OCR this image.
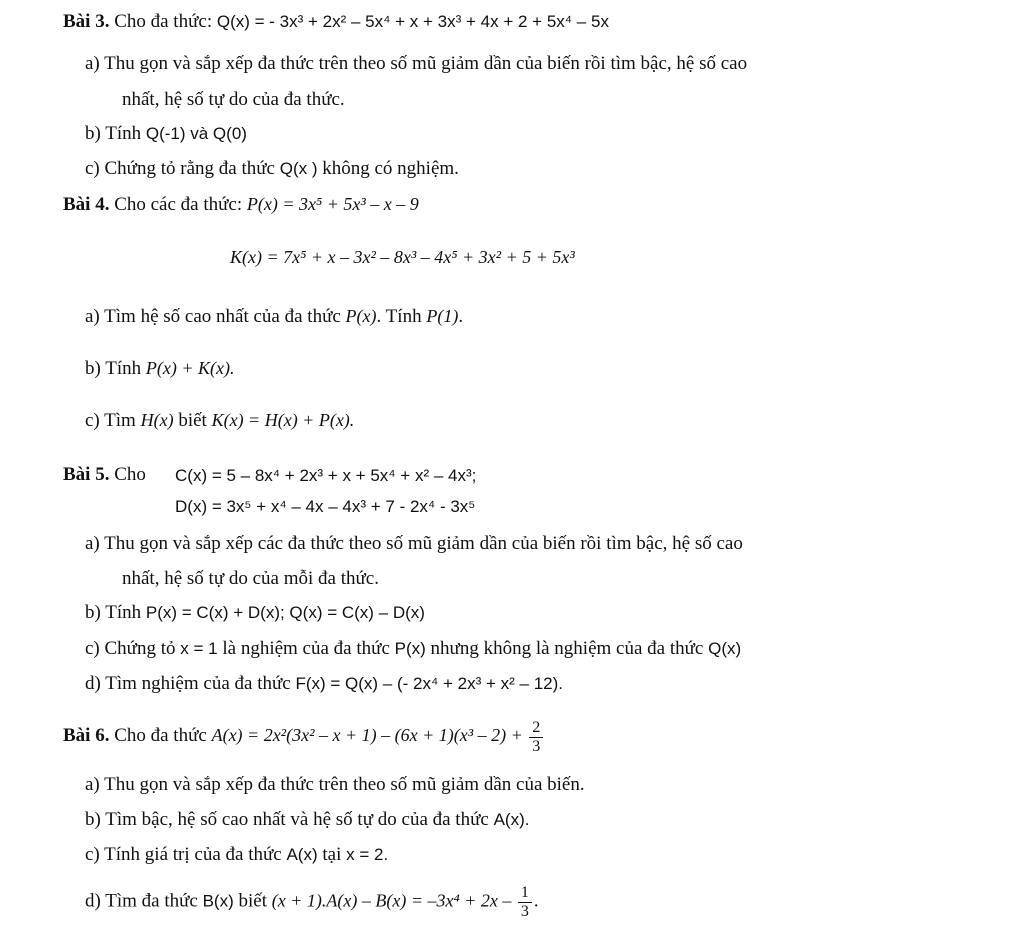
Bài 3. Cho đa thức: Q(x) = - 3x³ + 2x² – 5x⁴ + x + 3x³ + 4x + 2 + 5x⁴ – 5x
a) Thu gọn và sắp xếp đa thức trên theo số mũ giảm dần của biến rồi tìm bậc, hệ số cao
nhất, hệ số tự do của đa thức.
b) Tính Q(-1) và Q(0)
c) Chứng tỏ rằng đa thức Q(x ) không có nghiệm.
Bài 4. Cho các đa thức: P(x) = 3x⁵ + 5x³ – x – 9
K(x) = 7x⁵ + x – 3x² – 8x³ – 4x⁵ + 3x² + 5 + 5x³
a) Tìm hệ số cao nhất của đa thức P(x). Tính P(1).
b) Tính P(x) + K(x).
c) Tìm H(x) biết K(x) = H(x) + P(x).
Bài 5. Cho C(x) = 5 – 8x⁴ + 2x³ + x + 5x⁴ + x² – 4x³;
D(x) = 3x⁵ + x⁴ – 4x – 4x³ + 7 - 2x⁴ - 3x⁵
a) Thu gọn và sắp xếp các đa thức theo số mũ giảm dần của biến rồi tìm bậc, hệ số cao
nhất, hệ số tự do của mỗi đa thức.
b) Tính P(x) = C(x) + D(x); Q(x) = C(x) – D(x)
c) Chứng tỏ x = 1 là nghiệm của đa thức P(x) nhưng không là nghiệm của đa thức Q(x)
d) Tìm nghiệm của đa thức F(x) = Q(x) – (- 2x⁴ + 2x³ + x² – 12).
Bài 6. Cho đa thức $A(x) = 2x^2(3x^2 - x + 1) - (6x + 1)(x^3 - 2) + \frac{2}{3}$
a) Thu gọn và sắp xếp đa thức trên theo số mũ giảm dần của biến.
b) Tìm bậc, hệ số cao nhất và hệ số tự do của đa thức A(x).
c) Tính giá trị của đa thức A(x) tại x = 2.
d) Tìm đa thức B(x) biết $(x + 1).A(x) - B(x) = -3x^4 + 2x - \frac{1}{3}$ .
